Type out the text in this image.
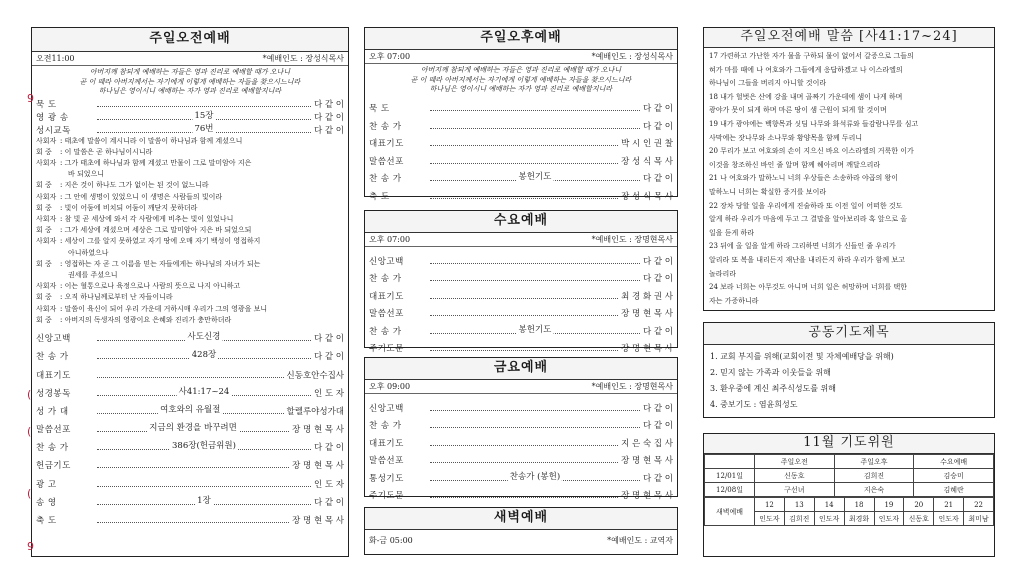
주일오전예배
오전11:00	*예배인도 : 장성식목사
아버지께 참되게 예배하는 자들은 영과 진리로 예배할 때가 오나니
곧 이 때라 아버지께서는 자기에게 이렇게 예배하는 자들을 찾으시느니라
하나님은 영이시니 예배하는 자가 영과 진리로 예배할지니라
묵 도	다 같 이
영 광 송	15장	다 같 이
성시교독	76번	다 같 이
사회자 : 태초에 말씀이 계시니라 이 말씀이 하나님과 함께 계셨으니
회 중 : 이 말씀은 곧 하나님이시니라
사회자 : 그가 태초에 하나님과 함께 계셨고 만물이 그로 말미암아 지은
바 되었으니
회 중 : 지은 것이 하나도 그가 없이는 된 것이 없느니라
사회자 : 그 안에 생명이 있었으니 이 생명은 사람들의 빛이라
회 중 : 빛이 어둠에 비치되 어둠이 깨닫지 못하더라
사회자 : 참 빛 곧 세상에 와서 각 사람에게 비추는 빛이 있었나니
회 중 : 그가 세상에 계셨으며 세상은 그로 말미암아 지은 바 되었으되
사회자 : 세상이 그를 알지 못하였고 자기 땅에 오매 자기 백성이 영접하지
아니하였으나
회 중 : 영접하는 자 곧 그 이름을 믿는 자들에게는 하나님의 자녀가 되는
권세를 주셨으니
사회자 : 이는 혈통으로나 육정으로나 사람의 뜻으로 나지 아니하고
회 중 : 오직 하나님께로부터 난 자들이니라
사회자 : 말씀이 육신이 되어 우리 가운데 거하시매 우리가 그의 영광을 보니
회 중 : 아버지의 독생자의 영광이요 은혜와 진리가 충만하더라
신앙고백	사도신경	다 같 이
찬 송 가	428장	다 같 이
대표기도	신동호안수집사
성경봉독	사41:17~24	인 도 자
성 가 대	여호와의 유월절	할렐루야성가대
말씀선포	지금의 환경을 바꾸려면	장 명 현 목 사
찬 송 가	386장(헌금위원)	다 같 이
헌금기도	장 명 현 목 사
광 고	인 도 자
송 영	1장	다 같 이
축 도	장 명 현 목 사
9
(
(
(
9
주일오후예배
오후 07:00	*예배인도 : 장성식목사
아버지께 참되게 예배하는 자들은 영과 진리로 예배할 때가 오나니
곧 이 때라 아버지께서는 자기에게 이렇게 예배하는 자들을 찾으시느니라
하나님은 영이시니 예배하는 자가 영과 진리로 예배할지니라
묵 도	다 같 이
찬 송 가	다 같 이
대표기도	박 시 인 권 찰
말씀선포	장 성 식 목 사
찬 송 가	봉헌기도	다 같 이
축 도	장 성 식 목 사
수요예배
오후 07:00	*예배인도 : 장명현목사
신앙고백	다 같 이
찬 송 가	다 같 이
대표기도	최 경 화 권 사
말씀선포	장 명 현 목 사
찬 송 가	봉헌기도	다 같 이
주기도문	장 명 현 목 사
금요예배
오후 09:00	*예배인도 : 장명현목사
신앙고백	다 같 이
찬 송 가	다 같 이
대표기도	지 은 숙 집 사
말씀선포	장 명 현 목 사
통성기도	찬송가 (봉헌)	다 같 이
주기도문	장 명 현 목 사
새벽예배
화-금 05:00	*예배인도 : 교역자
주일오전예배 말씀 [사41:17~24]
17 가련하고 가난한 자가 물을 구하되 물이 없어서 갈증으로 그들의
혀가 마를 때에 나 여호와가 그들에게 응답하겠고 나 이스라엘의
하나님이 그들을 버리지 아니할 것이라
18 내가 헐벗은 산에 강을 내며 골짜기 가운데에 샘이 나게 하며
광야가 못이 되게 하며 마른 땅이 샘 근원이 되게 할 것이며
19 내가 광야에는 백향목과 싯딤 나무와 화석류와 들감람나무를 심고
사막에는 잣나무와 소나무와 황양목을 함께 두리니
20 무리가 보고 여호와의 손이 지으신 바요 이스라엘의 거룩한 이가
이것을 창조하신 바인 줄 알며 함께 헤아리며 깨달으리라
21 나 여호와가 말하노니 너희 우상들은 소송하라 야곱의 왕이
말하노니 너희는 확실한 증거를 보이라
22 장차 당할 일을 우리에게 진술하라 또 이전 일이 어떠한 것도
알게 하라 우리가 마음에 두고 그 결말을 알아보리라 혹 앞으로 올
일을 듣게 하라
23 뒤에 올 일을 알게 하라 그리하면 너희가 신들인 줄 우리가
알리라 또 복을 내리든지 재난을 내리든지 하라 우리가 함께 보고
놀라리라
24 보라 너희는 아무것도 아니며 너희 일은 허망하며 너희를 택한
자는 가증하니라
공동기도제목
1. 교회 부지를 위해(교회이전 및 자체예배당을 위해)
2. 믿지 않는 가족과 이웃들을 위해
3. 환우중에 계신 최주식성도를 위해
4. 중보기도 : 염윤희성도
11월 기도위원
	주일오전	주일오후	수요예배
12/01일	신동호	김희진	김승미
12/08일	구선녀	지은숙	김혜란
새벽예배	12	13	14	18	19	20	21	22
	인도자	김희진	인도자	최경화	인도자	신동호	인도자	최미남
